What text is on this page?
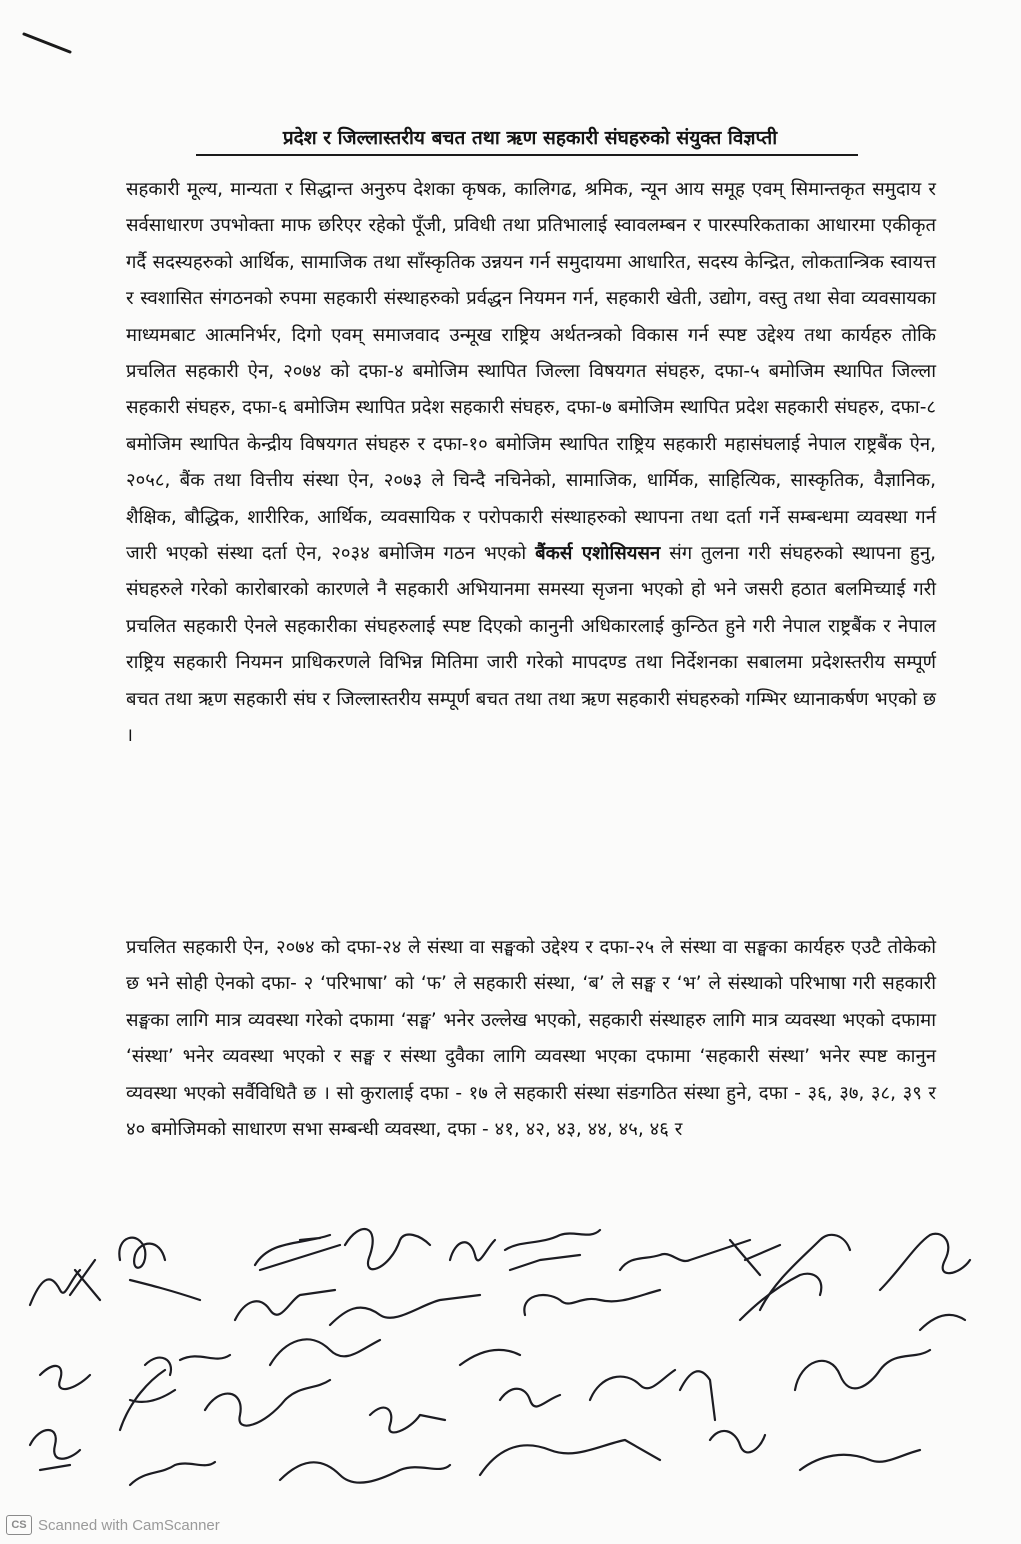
प्रदेश र जिल्लास्तरीय बचत तथा ऋण सहकारी संघहरुको संयुक्त विज्ञप्ती

सहकारी मूल्य, मान्यता र सिद्धान्त अनुरुप देशका कृषक, कालिगढ, श्रमिक, न्यून आय समूह एवम् सिमान्तकृत समुदाय र सर्वसाधारण उपभोक्ता माफ छरिएर रहेको पूँजी, प्रविधी तथा प्रतिभालाई स्वावलम्बन र पारस्परिकताका आधारमा एकीकृत गर्दै सदस्यहरुको आर्थिक, सामाजिक तथा साँस्कृतिक उन्नयन गर्न समुदायमा आधारित, सदस्य केन्द्रित, लोकतान्त्रिक स्वायत्त र स्वशासित संगठनको रुपमा सहकारी संस्थाहरुको प्रर्वद्धन नियमन गर्न, सहकारी खेती, उद्योग, वस्तु तथा सेवा व्यवसायका माध्यमबाट आत्मनिर्भर, दिगो एवम् समाजवाद उन्मूख राष्ट्रिय अर्थतन्त्रको विकास गर्न स्पष्ट उद्देश्य तथा कार्यहरु तोकि प्रचलित सहकारी ऐन, २०७४ को दफा-४ बमोजिम स्थापित जिल्ला विषयगत संघहरु, दफा-५ बमोजिम स्थापित जिल्ला सहकारी संघहरु, दफा-६ बमोजिम स्थापित प्रदेश सहकारी संघहरु, दफा-७ बमोजिम स्थापित प्रदेश सहकारी संघहरु, दफा-८ बमोजिम स्थापित केन्द्रीय विषयगत संघहरु र दफा-१० बमोजिम स्थापित राष्ट्रिय सहकारी महासंघलाई नेपाल राष्ट्रबैंक ऐन, २०५८, बैंक तथा वित्तीय संस्था ऐन, २०७३ ले चिन्दै नचिनेको, सामाजिक, धार्मिक, साहित्यिक, सास्कृतिक, वैज्ञानिक, शैक्षिक, बौद्धिक, शारीरिक, आर्थिक, व्यवसायिक र परोपकारी संस्थाहरुको स्थापना तथा दर्ता गर्ने सम्बन्धमा व्यवस्था गर्न जारी भएको संस्था दर्ता ऐन, २०३४ बमोजिम गठन भएको बैंकर्स एशोसियसन संग तुलना गरी संघहरुको स्थापना हुनु, संघहरुले गरेको कारोबारको कारणले नै सहकारी अभियानमा समस्या सृजना भएको हो भने जसरी हठात बलमिच्याई गरी प्रचलित सहकारी ऐनले सहकारीका संघहरुलाई स्पष्ट दिएको कानुनी अधिकारलाई कुन्ठित हुने गरी नेपाल राष्ट्रबैंक र नेपाल राष्ट्रिय सहकारी नियमन प्राधिकरणले विभिन्न मितिमा जारी गरेको मापदण्ड तथा निर्देशनका सबालमा प्रदेशस्तरीय सम्पूर्ण बचत तथा ऋण सहकारी संघ र जिल्लास्तरीय सम्पूर्ण बचत तथा तथा ऋण सहकारी संघहरुको गम्भिर ध्यानाकर्षण भएको छ ।

प्रचलित सहकारी ऐन, २०७४ को दफा-२४ ले संस्था वा सङ्घको उद्देश्य र दफा-२५ ले संस्था वा सङ्घका कार्यहरु एउटै तोकेको छ भने सोही ऐनको दफा- २ ‘परिभाषा’ को ‘फ’ ले सहकारी संस्था, ‘ब’ ले सङ्घ र ‘भ’ ले संस्थाको परिभाषा गरी सहकारी सङ्घका लागि मात्र व्यवस्था गरेको दफामा ‘सङ्घ’ भनेर उल्लेख भएको, सहकारी संस्थाहरु लागि मात्र व्यवस्था भएको दफामा ‘संस्था’ भनेर व्यवस्था भएको र सङ्घ र संस्था दुवैका लागि व्यवस्था भएका दफामा ‘सहकारी संस्था’ भनेर स्पष्ट कानुन व्यवस्था भएको सर्वैविधितै छ । सो कुरालाई दफा - १७ ले सहकारी संस्था संङगठित संस्था हुने, दफा - ३६, ३७, ३८, ३९ र ४० बमोजिमको साधारण सभा सम्बन्धी व्यवस्था, दफा - ४१, ४२, ४३, ४४, ४५, ४६ र

CS Scanned with CamScanner
